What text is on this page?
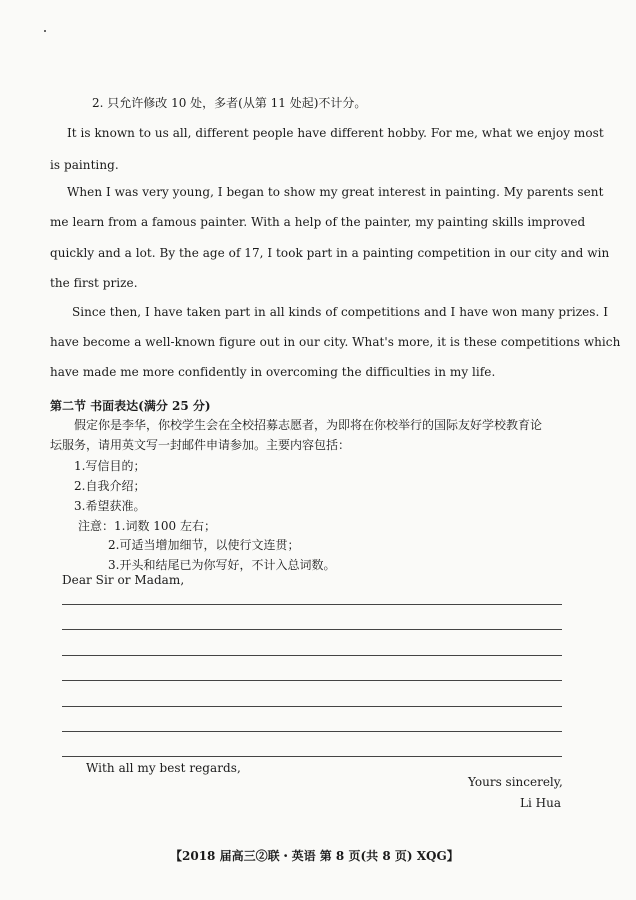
2. 只允许修改 10 处，多者(从第 11 处起)不计分。
It is known to us all, different people have different hobby. For me, what we enjoy most
is painting.
When I was very young, I began to show my great interest in painting. My parents sent
me learn from a famous painter. With a help of the painter, my painting skills improved
quickly and a lot. By the age of 17, I took part in a painting competition in our city and win
the first prize.
Since then, I have taken part in all kinds of competitions and I have won many prizes. I
have become a well-known figure out in our city. What's more, it is these competitions which
have made me more confidently in overcoming the difficulties in my life.
第二节 书面表达(满分 25 分)
假定你是李华，你校学生会在全校招募志愿者，为即将在你校举行的国际友好学校教育论
坛服务，请用英文写一封邮件申请参加。主要内容包括：
1.写信目的；
2.自我介绍；
3.希望获准。
注意：1.词数 100 左右；
2.可适当增加细节，以使行文连贯；
3.开头和结尾已为你写好，不计入总词数。
Dear Sir or Madam,
With all my best regards,
Yours sincerely,
Li Hua
【2018 届高三②联・英语 第 8 页(共 8 页) XQG】
